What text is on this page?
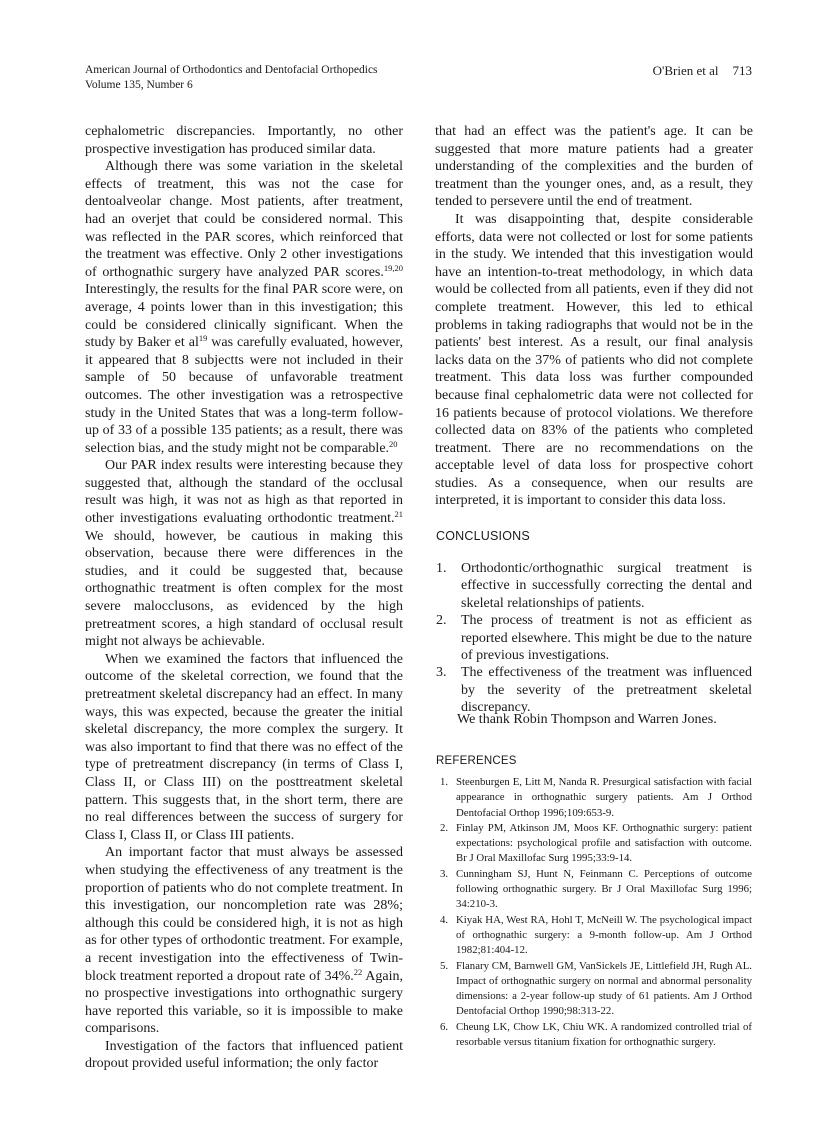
American Journal of Orthodontics and Dentofacial Orthopedics
Volume 135, Number 6
O'Brien et al 713

cephalometric discrepancies. Importantly, no other prospective investigation has produced similar data.

Although there was some variation in the skeletal effects of treatment, this was not the case for dentoalveolar change. Most patients, after treatment, had an overjet that could be considered normal. This was reflected in the PAR scores, which reinforced that the treatment was effective. Only 2 other investigations of orthognathic surgery have analyzed PAR scores.$^{19,20}$ Interestingly, the results for the final PAR score were, on average, 4 points lower than in this investigation; this could be considered clinically significant. When the study by Baker et $al^{19}$ was carefully evaluated, however, it appeared that 8 subjectts were not included in their sample of 50 because of unfavorable treatment outcomes. The other investigation was a retrospective study in the United States that was a long-term follow-up of 33 of a possible 135 patients; as a result, there was selection bias, and the study might not be comparable.$^{20}$

Our PAR index results were interesting because they suggested that, although the standard of the occlusal result was high, it was not as high as that reported in other investigations evaluating orthodontic treatment.$^{21}$ We should, however, be cautious in making this observation, because there were differences in the studies, and it could be suggested that, because orthognathic treatment is often complex for the most severe malocclusons, as evidenced by the high pretreatment scores, a high standard of occlusal result might not always be achievable.

When we examined the factors that influenced the outcome of the skeletal correction, we found that the pretreatment skeletal discrepancy had an effect. In many ways, this was expected, because the greater the initial skeletal discrepancy, the more complex the surgery. It was also important to find that there was no effect of the type of pretreatment discrepancy (in terms of Class I, Class II, or Class III) on the posttreatment skeletal pattern. This suggests that, in the short term, there are no real differences between the success of surgery for Class I, Class II, or Class III patients.

An important factor that must always be assessed when studying the effectiveness of any treatment is the proportion of patients who do not complete treatment. In this investigation, our noncompletion rate was 28%; although this could be considered high, it is not as high as for other types of orthodontic treatment. For example, a recent investigation into the effectiveness of Twin-block treatment reported a dropout rate of 34%.$^{22}$ Again, no prospective investigations into orthognathic surgery have reported this variable, so it is impossible to make comparisons.

Investigation of the factors that influenced patient dropout provided useful information; the only factor

that had an effect was the patient's age. It can be suggested that more mature patients had a greater understanding of the complexities and the burden of treatment than the younger ones, and, as a result, they tended to persevere until the end of treatment.

It was disappointing that, despite considerable efforts, data were not collected or lost for some patients in the study. We intended that this investigation would have an intention-to-treat methodology, in which data would be collected from all patients, even if they did not complete treatment. However, this led to ethical problems in taking radiographs that would not be in the patients' best interest. As a result, our final analysis lacks data on the 37% of patients who did not complete treatment. This data loss was further compounded because final cephalometric data were not collected for 16 patients because of protocol violations. We therefore collected data on 83% of the patients who completed treatment. There are no recommendations on the acceptable level of data loss for prospective cohort studies. As a consequence, when our results are interpreted, it is important to consider this data loss.

CONCLUSIONS
1.	Orthodontic/orthognathic surgical treatment is effective in successfully correcting the dental and skeletal relationships of patients.
2.	The process of treatment is not as efficient as reported elsewhere. This might be due to the nature of previous investigations.
3.	The effectiveness of the treatment was influenced by the severity of the pretreatment skeletal discrepancy.
We thank Robin Thompson and Warren Jones.
REFERENCES
1. Steenburgen E, Litt M, Nanda R. Presurgical satisfaction with facial appearance in orthognathic surgery patients. Am J Orthod Dentofacial Orthop 1996;109:653-9.
2. Finlay PM, Atkinson JM, Moos KF. Orthognathic surgery: patient expectations: psychological profile and satisfaction with outcome. Br J Oral Maxillofac Surg 1995;33:9-14.
3. Cunningham SJ, Hunt N, Feinmann C. Perceptions of outcome following orthognathic surgery. Br J Oral Maxillofac Surg 1996; 34:210-3.
4. Kiyak HA, West RA, Hohl T, McNeill W. The psychological impact of orthognathic surgery: a 9-month follow-up. Am J Orthod 1982;81:404-12.
5. Flanary CM, Barnwell GM, VanSickels JE, Littlefield JH, Rugh AL. Impact of orthognathic surgery on normal and abnormal personality dimensions: a 2-year follow-up study of 61 patients. Am J Orthod Dentofacial Orthop 1990;98:313-22.
6. Cheung LK, Chow LK, Chiu WK. A randomized controlled trial of resorbable versus titanium fixation for orthognathic surgery.
